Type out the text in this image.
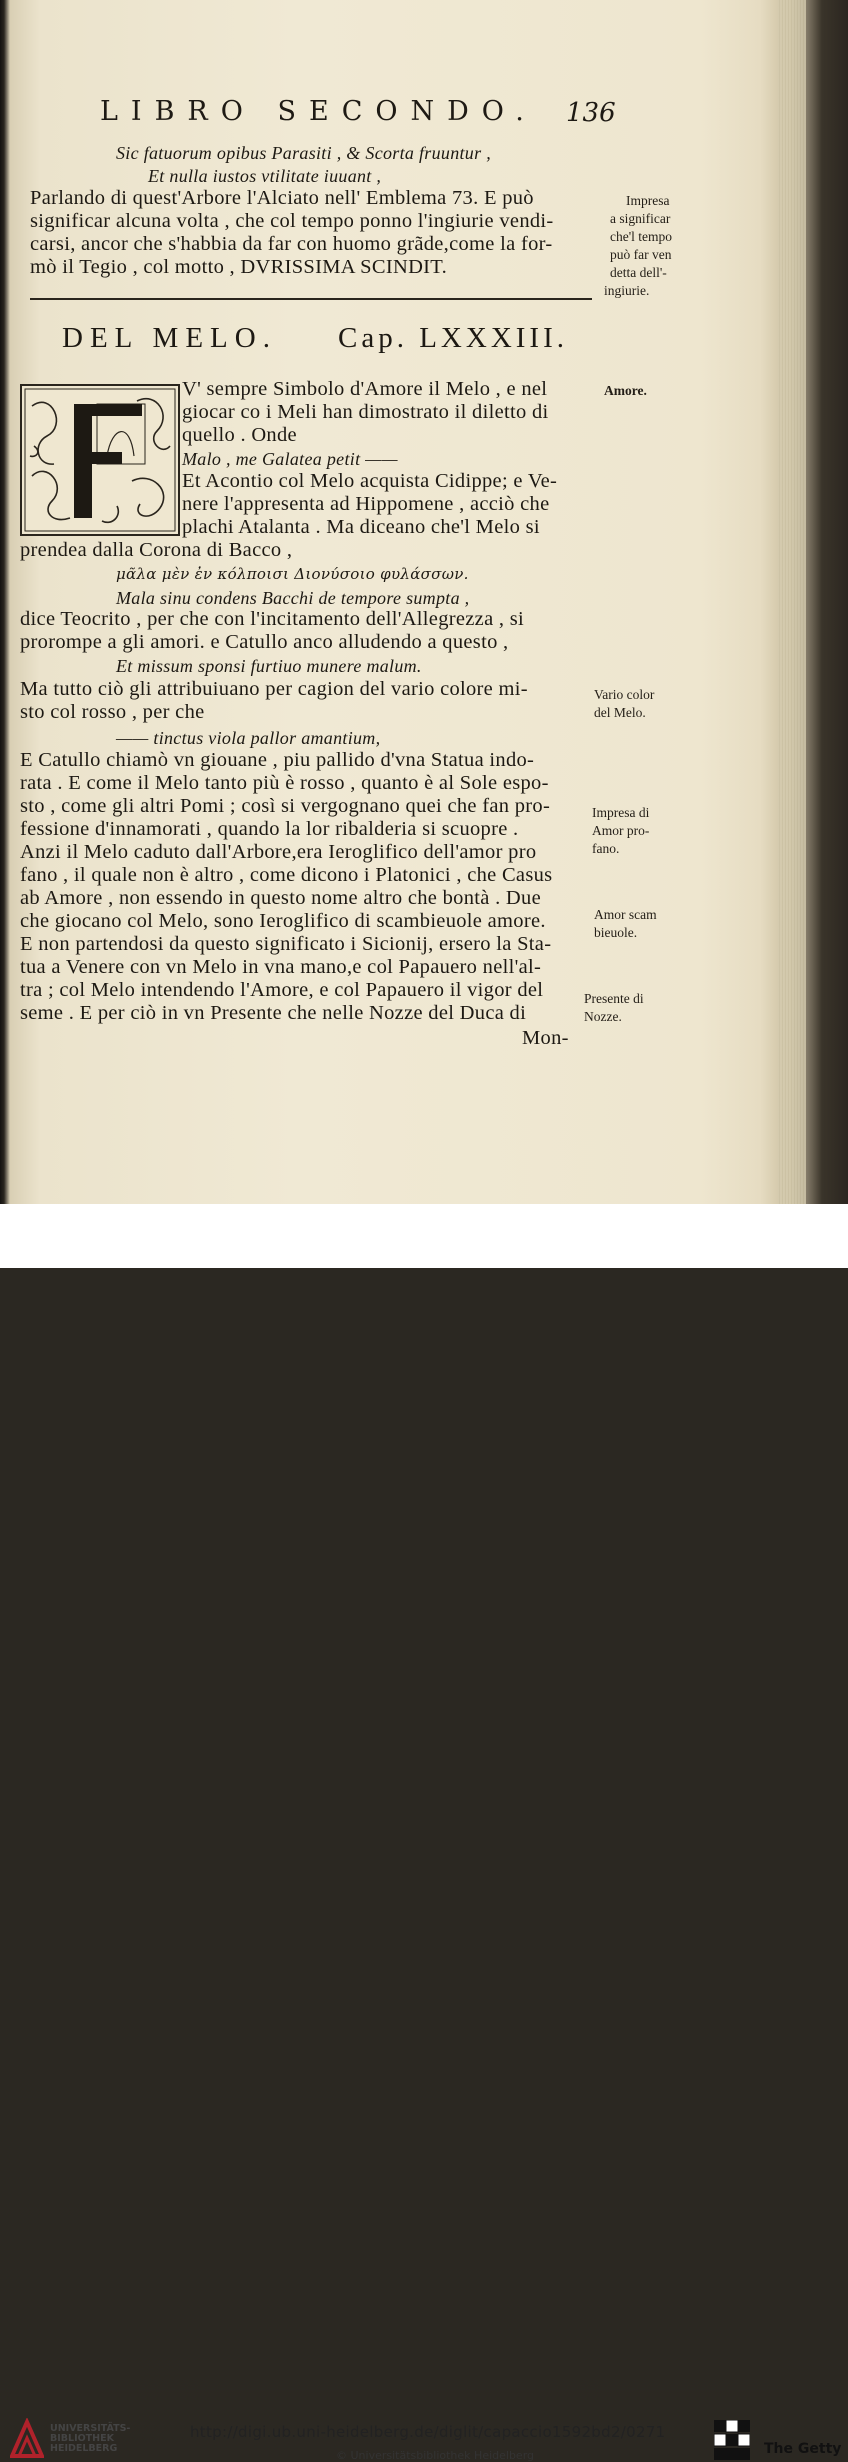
LIBRO SECONDO. 136
Sic fatuorum opibus Parasiti , & Scorta fruuntur ,
Et nulla iustos vtilitate iuuant ,
Parlando di quest'Arbore l'Alciato nell' Emblema 73. E può
significar alcuna volta , che col tempo ponno l'ingiurie vendi-
carsi, ancor che s'habbia da far con huomo grãde,come la for-
mò il Tegio , col motto , DVRISSIMA SCINDIT.
Impresa
a significar
che'l tempo
può far ven
detta dell'-
ingiurie.
DEL MELO. Cap. LXXXIII.
V' sempre Simbolo d'Amore il Melo , e nel
giocar co i Meli han dimostrato il diletto di
quello . Onde
Malo , me Galatea petit ——
Et Acontio col Melo acquista Cidippe; e Ve-
nere l'appresenta ad Hippomene , acciò che
plachi Atalanta . Ma diceano che'l Melo si
prendea dalla Corona di Bacco ,
μᾶλα μὲν ἐν κόλποισι Διονύσοιο φυλάσσων.
Mala sinu condens Bacchi de tempore sumpta ,
dice Teocrito , per che con l'incitamento dell'Allegrezza , si
prorompe a gli amori. e Catullo anco alludendo a questo ,
Et missum sponsi furtiuo munere malum.
Ma tutto ciò gli attribuiuano per cagion del vario colore mi-
sto col rosso , per che
—— tinctus viola pallor amantium,
E Catullo chiamò vn giouane , piu pallido d'vna Statua indo-
rata . E come il Melo tanto più è rosso , quanto è al Sole espo-
sto , come gli altri Pomi ; così si vergognano quei che fan pro-
fessione d'innamorati , quando la lor ribalderia si scuopre .
Anzi il Melo caduto dall'Arbore,era Ieroglifico dell'amor pro
fano , il quale non è altro , come dicono i Platonici , che Casus
ab Amore , non essendo in questo nome altro che bontà . Due
che giocano col Melo, sono Ieroglifico di scambieuole amore.
E non partendosi da questo significato i Sicionij, ersero la Sta-
tua a Venere con vn Melo in vna mano,e col Papauero nell'al-
tra ; col Melo intendendo l'Amore, e col Papauero il vigor del
seme . E per ciò in vn Presente che nelle Nozze del Duca di
Mon-
Amore.
Vario color
del Melo.
Impresa di
Amor pro-
fano.
Amor scam
bieuole.
Presente di
Nozze.
UNIVERSITÄTS-
BIBLIOTHEK
HEIDELBERG
http://digi.ub.uni-heidelberg.de/diglit/capaccio1592bd2/0271
© Universitätsbibliothek Heidelberg	The Getty
